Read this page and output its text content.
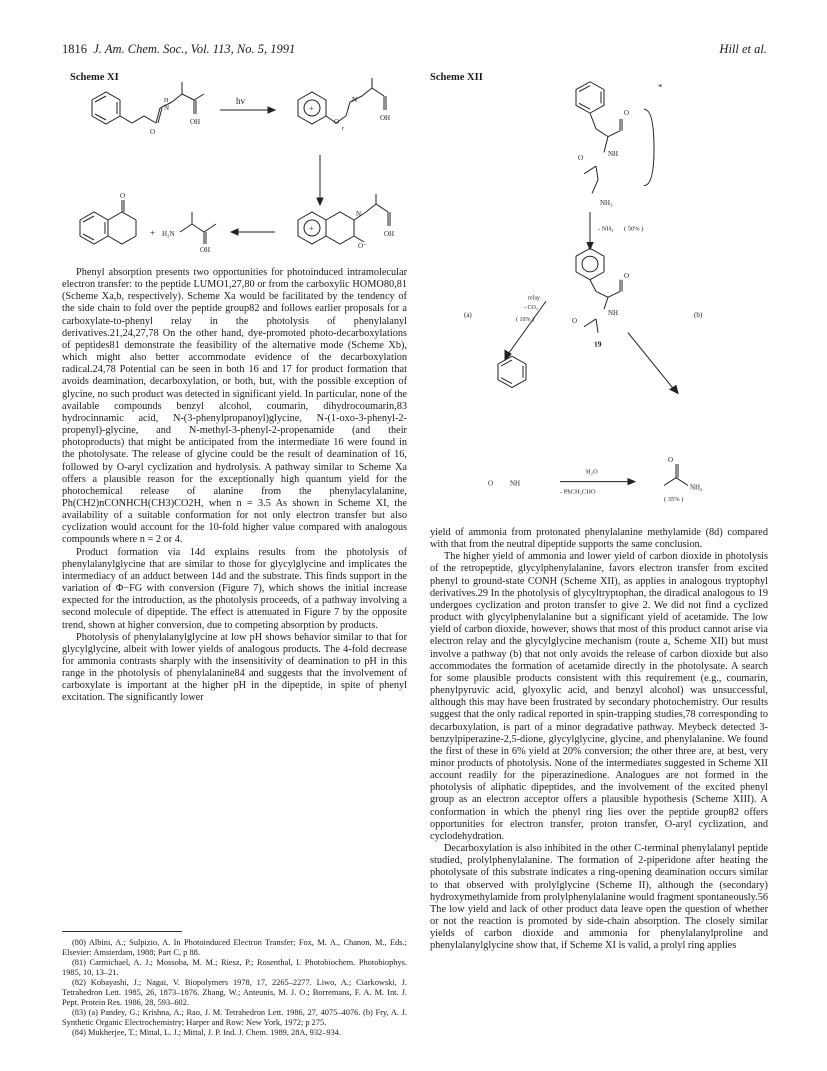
1816 J. Am. Chem. Soc., Vol. 113, No. 5, 1991	Hill et al.
Scheme XI	Scheme XII
hv
N
H
O
OH
+
N
r
O	OH
+
N
O⁻
OH
O
+ H₂N
OH
NH₃
NH
O
O
*
- NH₃ ( 50% )
NH
O
O
19
relay
- CO₂
( 10% )
(a)	(b)
H₂O
- PhCH₂CHO
NH₂
O
( 35% )
NH
O

Phenyl absorption presents two opportunities for photoinduced intramolecular electron transfer: to the peptide LUMO1,27,80 or from the carboxylic HOMO80,81 (Scheme Xa,b, respectively). Scheme Xa would be facilitated by the tendency of the side chain to fold over the peptide group82 and follows earlier proposals for a carboxylate-to-phenyl relay in the photolysis of phenylalanyl derivatives.21,24,27,78 On the other hand, dye-promoted photo-decarboxylations of peptides81 demonstrate the feasibility of the alternative mode (Scheme Xb), which might also better accommodate evidence of the decarboxylation radical.24,78 Potential can be seen in both 16 and 17 for product formation that avoids deamination, decarboxylation, or both, but, with the possible exception of glycine, no such product was detected in significant yield. In particular, none of the available compounds benzyl alcohol, coumarin, dihydrocoumarin,83 hydrocinnamic acid, N-(3-phenylpropanoyl)glycine, N-(1-oxo-3-phenyl-2-propenyl)-glycine, and N-methyl-3-phenyl-2-propenamide (and their photoproducts) that might be anticipated from the intermediate 16 were found in the photolysate. The release of glycine could be the result of deamination of 16, followed by O-aryl cyclization and hydrolysis. A pathway similar to Scheme Xa offers a plausible reason for the exceptionally high quantum yield for the photochemical release of alanine from the phenylacylalanine, Ph(CH2)nCONHCH(CH3)CO2H, when n = 3.5 As shown in Scheme XI, the availability of a suitable conformation for not only electron transfer but also cyclization would account for the 10-fold higher value compared with analogous compounds where n = 2 or 4.

Product formation via 14d explains results from the photolysis of phenylalanylglycine that are similar to those for glycylglycine and implicates the intermediacy of an adduct between 14d and the substrate. This finds support in the variation of Φ−FG with conversion (Figure 7), which shows the initial increase expected for the introduction, as the photolysis proceeds, of a pathway involving a second molecule of dipeptide. The effect is attenuated in Figure 7 by the opposite trend, shown at higher conversion, due to competing absorption by products.

Photolysis of phenylalanylglycine at low pH shows behavior similar to that for glycylglycine, albeit with lower yields of analogous products. The 4-fold decrease for ammonia contrasts sharply with the insensitivity of deamination to pH in this range in the photolysis of phenylalanine84 and suggests that the involvement of carboxylate is important at the higher pH in the dipeptide, in spite of phenyl excitation. The significantly lower

(80) Albini, A.; Sulpizio, A. In Photoinduced Electron Transfer; Fox, M. A., Chanon, M., Eds.; Elsevier: Amsterdam, 1988; Part C, p 88.

(81) Carmichael, A. J.; Mossoba, M. M.; Riesz, P.; Rosenthal, I. Photobiochem. Photobiophys. 1985, 10, 13–21.

(82) Kobayashi, J.; Nagai, V. Biopolymers 1978, 17, 2265–2277. Liwo, A.; Ciarkowski, J. Tetrahedron Lett. 1985, 26, 1873–1876. Zhang, W.; Anteunis, M. J. O.; Borremans, F. A. M. Int. J. Pept. Protein Res. 1986, 28, 593–602.

(83) (a) Pandey, G.; Krishna, A.; Rao, J. M. Tetrahedron Lett. 1986, 27, 4075–4076. (b) Fry, A. J. Synthetic Organic Electrochemistry; Harper and Row: New York, 1972; p 275.

(84) Mukherjee, T.; Mittal, L. J.; Mittal, J. P. Ind. J. Chem. 1989, 28A, 932–934.

yield of ammonia from protonated phenylalanine methylamide (8d) compared with that from the neutral dipeptide supports the same conclusion.

The higher yield of ammonia and lower yield of carbon dioxide in photolysis of the retropeptide, glycylphenylalanine, favors electron transfer from excited phenyl to ground-state CONH (Scheme XII), as applies in analogous tryptophyl derivatives.29 In the photolysis of glycyltryptophan, the diradical analogous to 19 undergoes cyclization and proton transfer to give 2. We did not find a cyclized product with glycylphenylalanine but a significant yield of acetamide. The low yield of carbon dioxide, however, shows that most of this product cannot arise via electron relay and the glycylglycine mechanism (route a, Scheme XII) but must involve a pathway (b) that not only avoids the release of carbon dioxide but also accommodates the formation of acetamide directly in the photolysate. A search for some plausible products consistent with this requirement (e.g., coumarin, phenylpyruvic acid, glyoxylic acid, and benzyl alcohol) was unsuccessful, although this may have been frustrated by secondary photochemistry. Our results suggest that the only radical reported in spin-trapping studies,78 corresponding to decarboxylation, is part of a minor degradative pathway. Meybeck detected 3-benzylpiperazine-2,5-dione, glycylglycine, glycine, and phenylalanine. We found the first of these in 6% yield at 20% conversion; the other three are, at best, very minor products of photolysis. None of the intermediates suggested in Scheme XII account readily for the piperazinedione. Analogues are not formed in the photolysis of aliphatic dipeptides, and the involvement of the excited phenyl group as an electron acceptor offers a plausible hypothesis (Scheme XIII). A conformation in which the phenyl ring lies over the peptide group82 offers opportunities for electron transfer, proton transfer, O-aryl cyclization, and cyclodehydration.

Decarboxylation is also inhibited in the other C-terminal phenylalanyl peptide studied, prolylphenylalanine. The formation of 2-piperidone after heating the photolysate of this substrate indicates a ring-opening deamination occurs similar to that observed with prolylglycine (Scheme II), although the (secondary) hydroxymethylamide from prolylphenylalanine would fragment spontaneously.56 The low yield and lack of other product data leave open the question of whether or not the reaction is promoted by side-chain absorption. The closely similar yields of carbon dioxide and ammonia for phenylalanylproline and phenylalanylglycine show that, if Scheme XI is valid, a prolyl ring applies
